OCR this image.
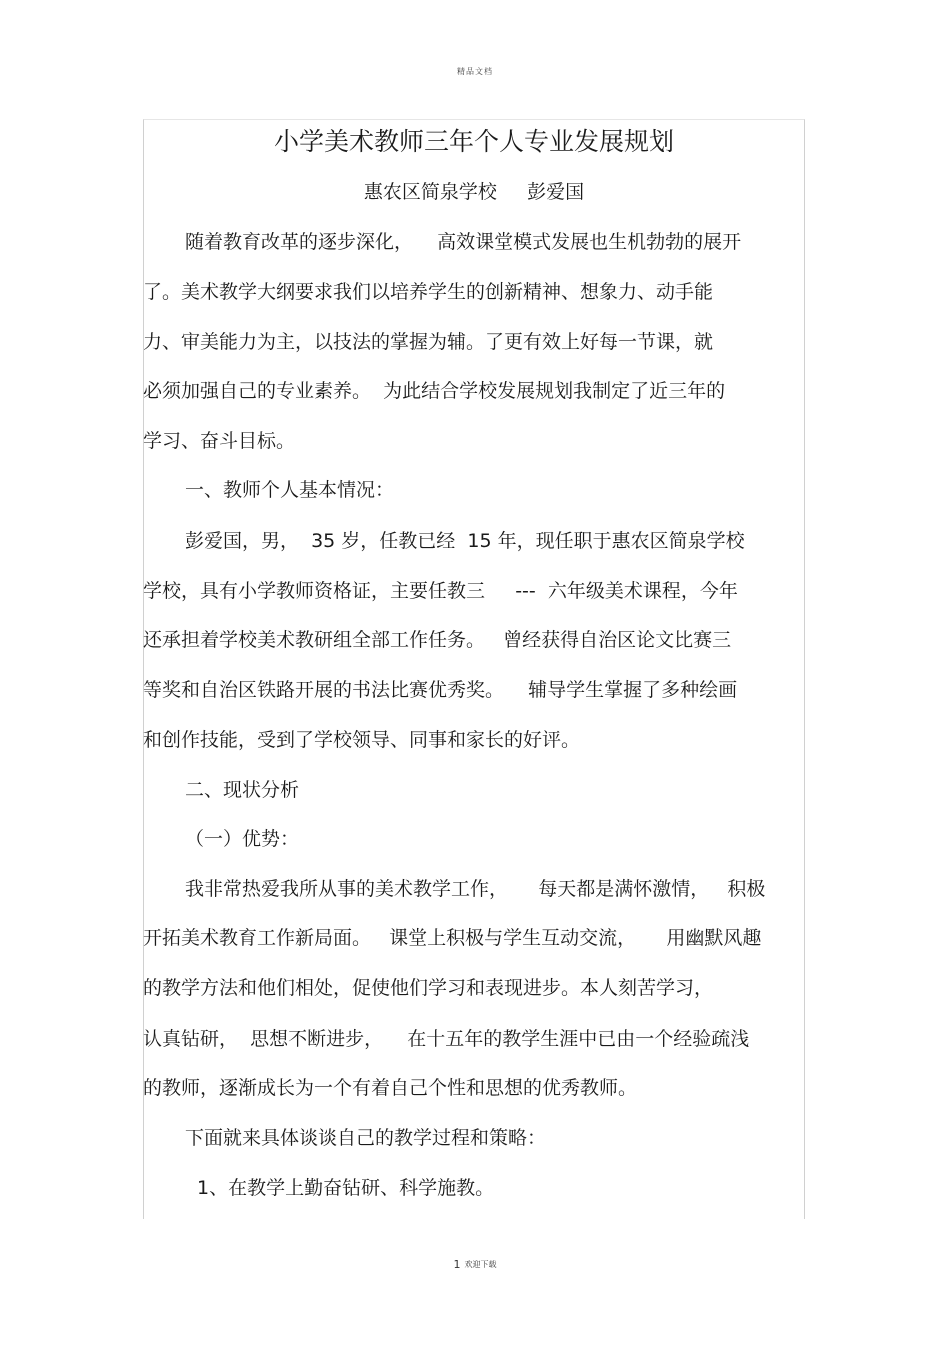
精品文档
小学美术教师三年个人专业发展规划
惠农区简泉学校     彭爱国
随着教育改革的逐步深化，    高效课堂模式发展也生机勃勃的展开
了。美术教学大纲要求我们以培养学生的创新精神、想象力、动手能
力、审美能力为主，以技法的掌握为辅。了更有效上好每一节课，就
必须加强自己的专业素养。  为此结合学校发展规划我制定了近三年的
学习、奋斗目标。
一、教师个人基本情况：
彭爱国，男，  35 岁，任教已经  15 年，现任职于惠农区简泉学校
学校，具有小学教师资格证，主要任教三     ---  六年级美术课程，今年
还承担着学校美术教研组全部工作任务。   曾经获得自治区论文比赛三
等奖和自治区铁路开展的书法比赛优秀奖。    辅导学生掌握了多种绘画
和创作技能，受到了学校领导、同事和家长的好评。
二、现状分析
（一）优势：
我非常热爱我所从事的美术教学工作，     每天都是满怀激情，   积极
开拓美术教育工作新局面。   课堂上积极与学生互动交流，     用幽默风趣
的教学方法和他们相处，促使他们学习和表现进步。本人刻苦学习，
认真钻研，  思想不断进步，    在十五年的教学生涯中已由一个经验疏浅
的教师，逐渐成长为一个有着自己个性和思想的优秀教师。
下面就来具体谈谈自己的教学过程和策略：
1、在教学上勤奋钻研、科学施教。
1 欢迎下载
